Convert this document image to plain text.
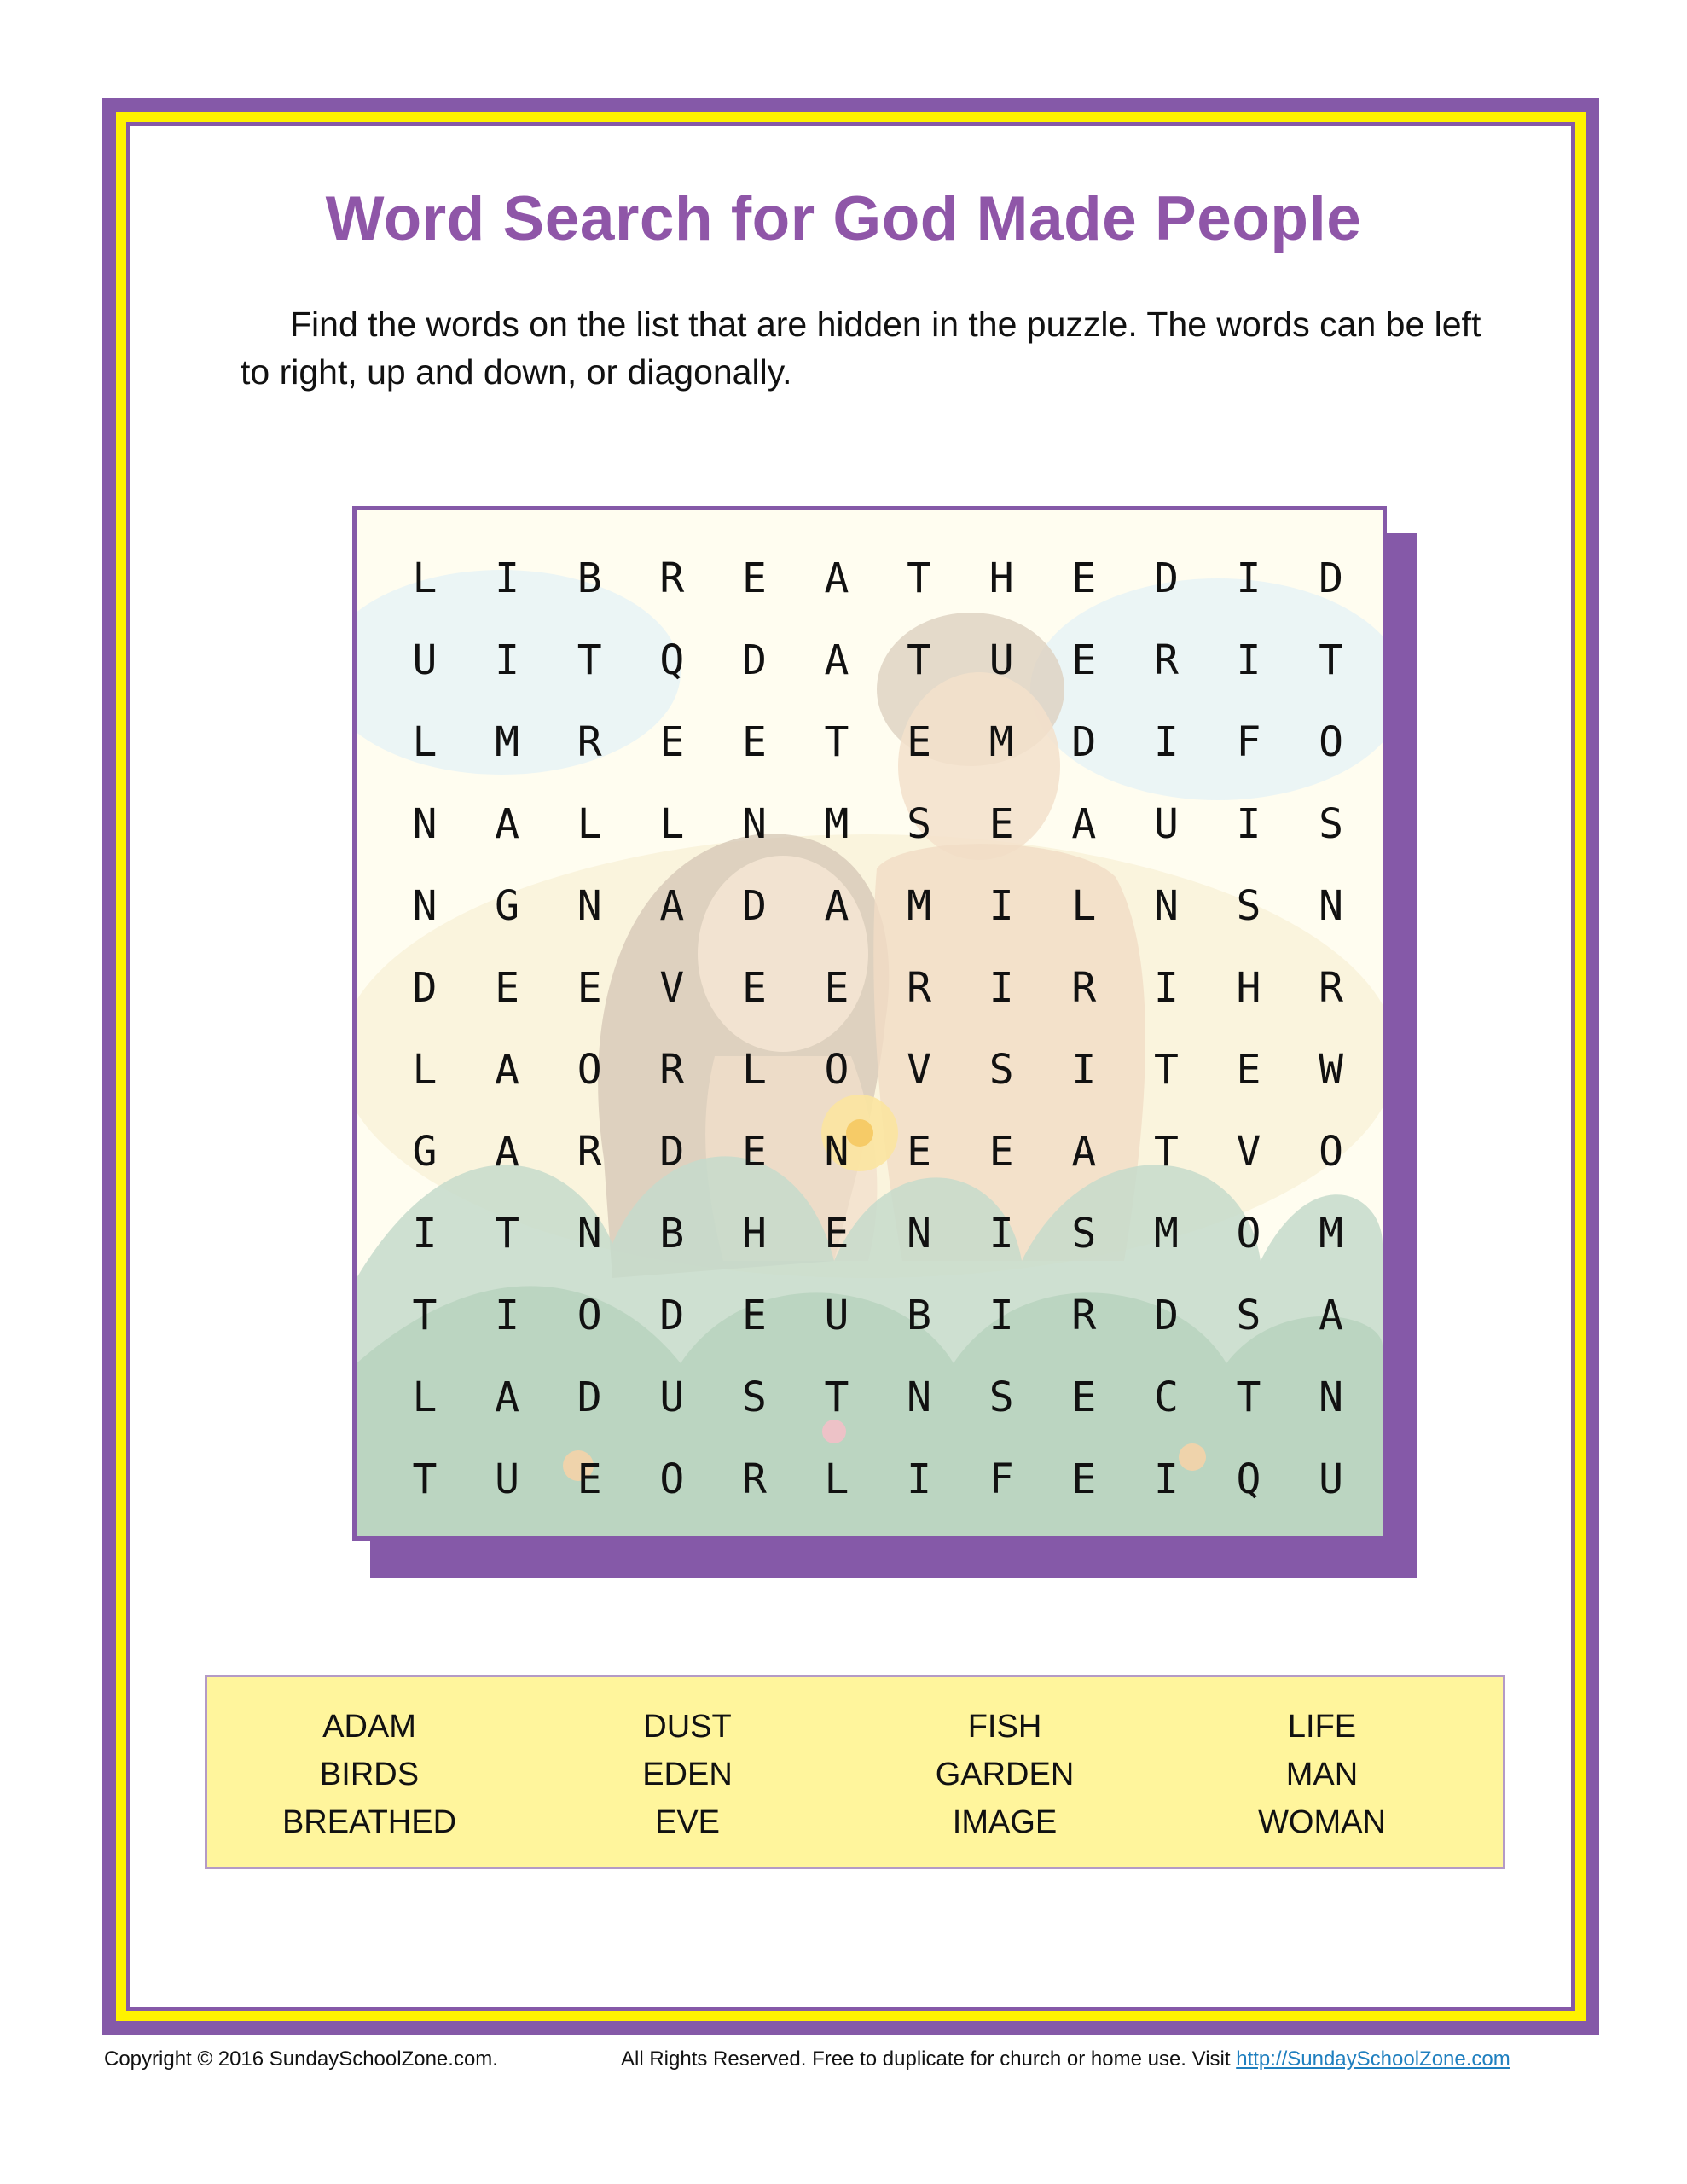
Word Search for God Made People
Find the words on the list that are hidden in the puzzle. The words can be left to right, up and down, or diagonally.
L	I	B	R	E	A	T	H	E	D	I	D
U	I	T	Q	D	A	T	U	E	R	I	T
L	M	R	E	E	T	E	M	D	I	F	O
N	A	L	L	N	M	S	E	A	U	I	S
N	G	N	A	D	A	M	I	L	N	S	N
D	E	E	V	E	E	R	I	R	I	H	R
L	A	O	R	L	O	V	S	I	T	E	W
G	A	R	D	E	N	E	E	A	T	V	O
I	T	N	B	H	E	N	I	S	M	O	M
T	I	O	D	E	U	B	I	R	D	S	A
L	A	D	U	S	T	N	S	E	C	T	N
T	U	E	O	R	L	I	F	E	I	Q	U
ADAM
BIRDS
BREATHED
DUST
EDEN
EVE
FISH
GARDEN
IMAGE
LIFE
MAN
WOMAN
Copyright © 2016 SundaySchoolZone.com.	All Rights Reserved. Free to duplicate for church or home use. Visit http://SundaySchoolZone.com
